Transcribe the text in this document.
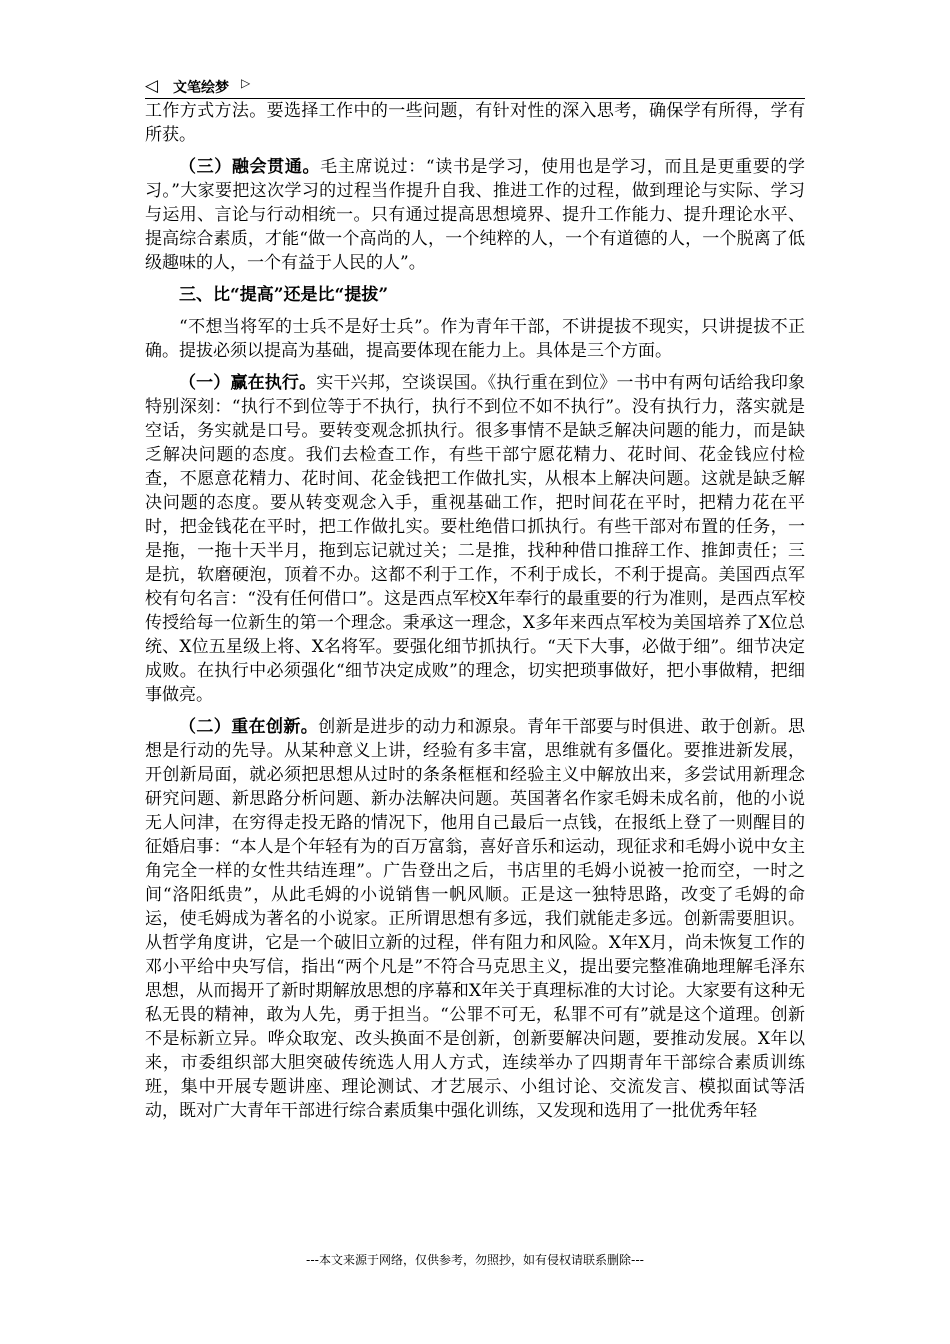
◁ 文笔绘梦 ▷

工作方式方法。要选择工作中的一些问题，有针对性的深入思考，确保学有所得，学有所获。

（三）融会贯通。毛主席说过：“读书是学习，使用也是学习，而且是更重要的学习。”大家要把这次学习的过程当作提升自我、推进工作的过程，做到理论与实际、学习与运用、言论与行动相统一。只有通过提高思想境界、提升工作能力、提升理论水平、提高综合素质，才能“做一个高尚的人，一个纯粹的人，一个有道德的人，一个脱离了低级趣味的人，一个有益于人民的人”。

三、比“提高”还是比“提拔”

“不想当将军的士兵不是好士兵”。作为青年干部，不讲提拔不现实，只讲提拔不正确。提拔必须以提高为基础，提高要体现在能力上。具体是三个方面。

（一）赢在执行。实干兴邦，空谈误国。《执行重在到位》一书中有两句话给我印象特别深刻：“执行不到位等于不执行，执行不到位不如不执行”。没有执行力，落实就是空话，务实就是口号。要转变观念抓执行。很多事情不是缺乏解决问题的能力，而是缺乏解决问题的态度。我们去检查工作，有些干部宁愿花精力、花时间、花金钱应付检查，不愿意花精力、花时间、花金钱把工作做扎实，从根本上解决问题。这就是缺乏解决问题的态度。要从转变观念入手，重视基础工作，把时间花在平时，把精力花在平时，把金钱花在平时，把工作做扎实。要杜绝借口抓执行。有些干部对布置的任务，一是拖，一拖十天半月，拖到忘记就过关；二是推，找种种借口推辞工作、推卸责任；三是抗，软磨硬泡，顶着不办。这都不利于工作，不利于成长，不利于提高。美国西点军校有句名言：“没有任何借口”。这是西点军校X年奉行的最重要的行为准则，是西点军校传授给每一位新生的第一个理念。秉承这一理念，X多年来西点军校为美国培养了X位总统、X位五星级上将、X名将军。要强化细节抓执行。“天下大事，必做于细”。细节决定成败。在执行中必须强化“细节决定成败”的理念，切实把琐事做好，把小事做精，把细事做亮。

（二）重在创新。创新是进步的动力和源泉。青年干部要与时俱进、敢于创新。思想是行动的先导。从某种意义上讲，经验有多丰富，思维就有多僵化。要推进新发展，开创新局面，就必须把思想从过时的条条框框和经验主义中解放出来，多尝试用新理念研究问题、新思路分析问题、新办法解决问题。英国著名作家毛姆未成名前，他的小说无人问津，在穷得走投无路的情况下，他用自己最后一点钱，在报纸上登了一则醒目的征婚启事：“本人是个年轻有为的百万富翁，喜好音乐和运动，现征求和毛姆小说中女主角完全一样的女性共结连理”。广告登出之后，书店里的毛姆小说被一抢而空，一时之间“洛阳纸贵”，从此毛姆的小说销售一帆风顺。正是这一独特思路，改变了毛姆的命运，使毛姆成为著名的小说家。正所谓思想有多远，我们就能走多远。创新需要胆识。从哲学角度讲，它是一个破旧立新的过程，伴有阻力和风险。X年X月，尚未恢复工作的邓小平给中央写信，指出“两个凡是”不符合马克思主义，提出要完整准确地理解毛泽东思想，从而揭开了新时期解放思想的序幕和X年关于真理标准的大讨论。大家要有这种无私无畏的精神，敢为人先，勇于担当。“公罪不可无，私罪不可有”就是这个道理。创新不是标新立异。哗众取宠、改头换面不是创新，创新要解决问题，要推动发展。X年以来，市委组织部大胆突破传统选人用人方式，连续举办了四期青年干部综合素质训练班，集中开展专题讲座、理论测试、才艺展示、小组讨论、交流发言、模拟面试等活动，既对广大青年干部进行综合素质集中强化训练，又发现和选用了一批优秀年轻

---本文来源于网络，仅供参考，勿照抄，如有侵权请联系删除---
